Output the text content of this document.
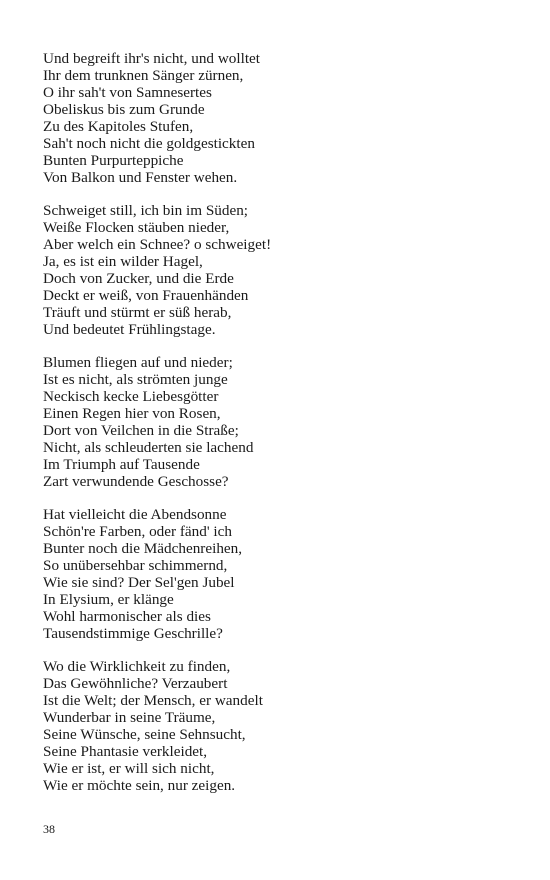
Und begreift ihr's nicht, und wolltet
Ihr dem trunknen Sänger zürnen,
O ihr sah't von Samnesertes
Obeliskus bis zum Grunde
Zu des Kapitoles Stufen,
Sah't noch nicht die goldgestickten
Bunten Purpurteppiche
Von Balkon und Fenster wehen.
Schweiget still, ich bin im Süden;
Weiße Flocken stäuben nieder,
Aber welch ein Schnee? o schweiget!
Ja, es ist ein wilder Hagel,
Doch von Zucker, und die Erde
Deckt er weiß, von Frauenhänden
Träuft und stürmt er süß herab,
Und bedeutet Frühlingstage.
Blumen fliegen auf und nieder;
Ist es nicht, als strömten junge
Neckisch kecke Liebesgötter
Einen Regen hier von Rosen,
Dort von Veilchen in die Straße;
Nicht, als schleuderten sie lachend
Im Triumph auf Tausende
Zart verwundende Geschosse?
Hat vielleicht die Abendsonne
Schön're Farben, oder fänd' ich
Bunter noch die Mädchenreihen,
So unübersehbar schimmernd,
Wie sie sind? Der Sel'gen Jubel
In Elysium, er klänge
Wohl harmonischer als dies
Tausendstimmige Geschrille?
Wo die Wirklichkeit zu finden,
Das Gewöhnliche? Verzaubert
Ist die Welt; der Mensch, er wandelt
Wunderbar in seine Träume,
Seine Wünsche, seine Sehnsucht,
Seine Phantasie verkleidet,
Wie er ist, er will sich nicht,
Wie er möchte sein, nur zeigen.
38
